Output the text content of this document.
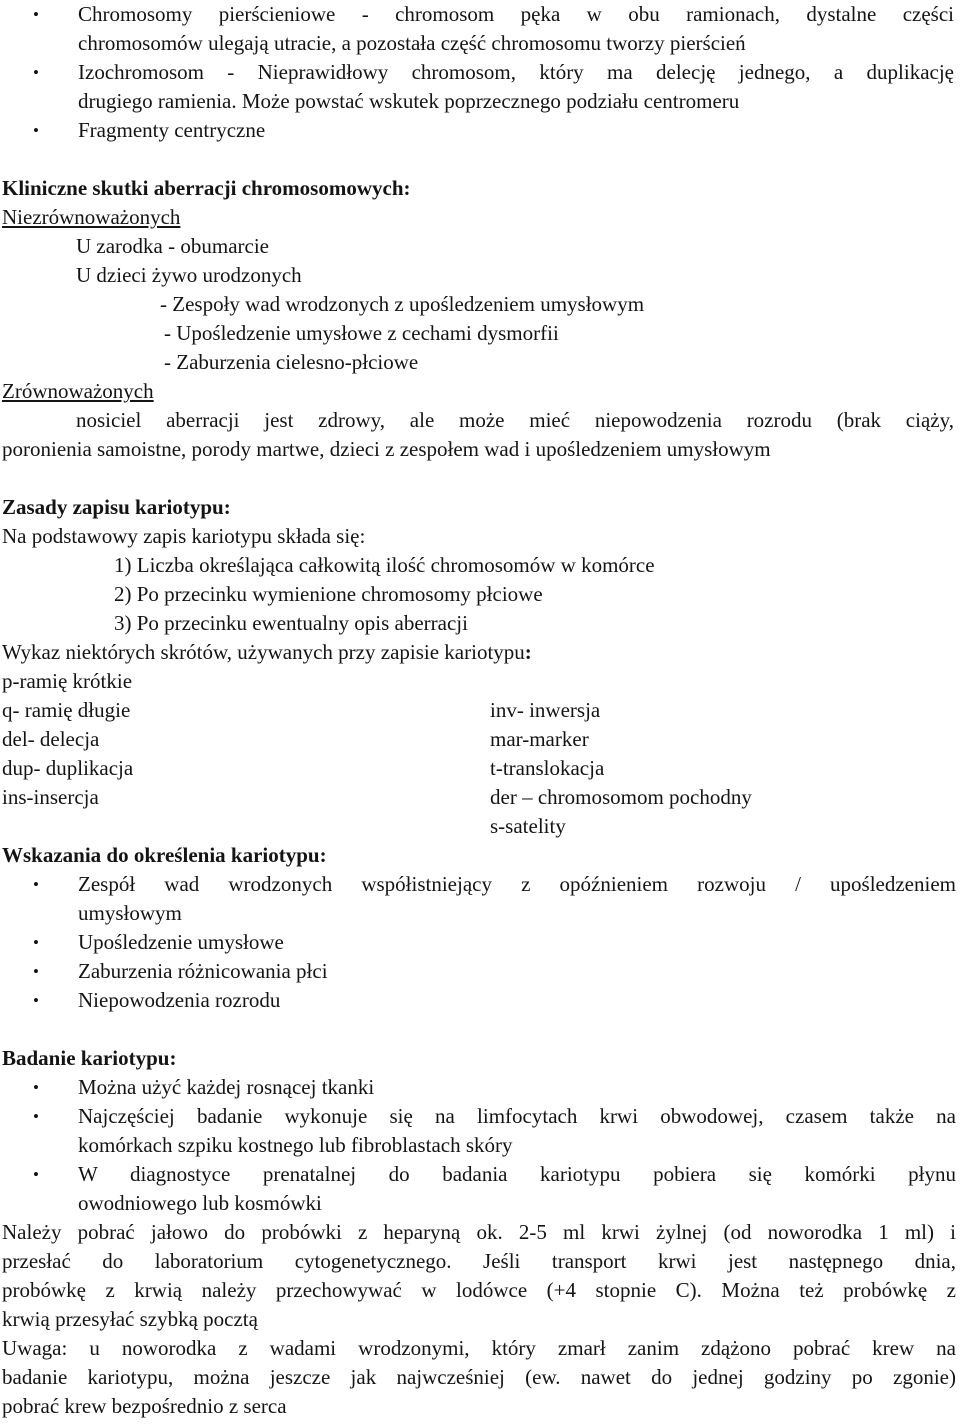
•
Chromosomy pierścieniowe - chromosom pęka w obu ramionach, dystalne części
chromosomów ulegają utracie, a pozostała część chromosomu tworzy pierścień
•
Izochromosom - Nieprawidłowy chromosom, który ma delecję jednego, a duplikację
drugiego ramienia. Może powstać wskutek poprzecznego podziału centromeru
•
Fragmenty centryczne
Kliniczne skutki aberracji chromosomowych:
Niezrównoważonych
U zarodka - obumarcie
U dzieci żywo urodzonych
- Zespoły wad wrodzonych z upośledzeniem umysłowym
- Upośledzenie umysłowe z cechami dysmorfii
- Zaburzenia cielesno-płciowe
Zrównoważonych
nosiciel aberracji jest zdrowy, ale może mieć niepowodzenia rozrodu (brak ciąży,
poronienia samoistne, porody martwe, dzieci z zespołem wad i upośledzeniem umysłowym
Zasady zapisu kariotypu:
Na podstawowy zapis kariotypu składa się:
1) Liczba określająca całkowitą ilość chromosomów w komórce
2) Po przecinku wymienione chromosomy płciowe
3) Po przecinku ewentualny opis aberracji
Wykaz niektórych skrótów, używanych przy zapisie kariotypu:
p-ramię krótkie
q- ramię długie
del- delecja
dup- duplikacja
ins-insercja
inv- inwersja
mar-marker
t-translokacja
der – chromosomom pochodny
s-satelity
Wskazania do określenia kariotypu:
•
Zespół wad wrodzonych współistniejący z opóźnieniem rozwoju / upośledzeniem
umysłowym
•
Upośledzenie umysłowe
•
Zaburzenia różnicowania płci
•
Niepowodzenia rozrodu
Badanie kariotypu:
•
Można użyć każdej rosnącej tkanki
•
Najczęściej badanie wykonuje się na limfocytach krwi obwodowej, czasem także na
komórkach szpiku kostnego lub fibroblastach skóry
•
W diagnostyce prenatalnej do badania kariotypu pobiera się komórki płynu
owodniowego lub kosmówki
Należy pobrać jałowo do probówki z heparyną ok. 2-5 ml krwi żylnej (od noworodka 1 ml) i
przesłać do laboratorium cytogenetycznego. Jeśli transport krwi jest następnego dnia,
probówkę z krwią należy przechowywać w lodówce (+4 stopnie C). Można też probówkę z
krwią przesyłać szybką pocztą
Uwaga: u noworodka z wadami wrodzonymi, który zmarł zanim zdążono pobrać krew na
badanie kariotypu, można jeszcze jak najwcześniej (ew. nawet do jednej godziny po zgonie)
pobrać krew bezpośrednio z serca
